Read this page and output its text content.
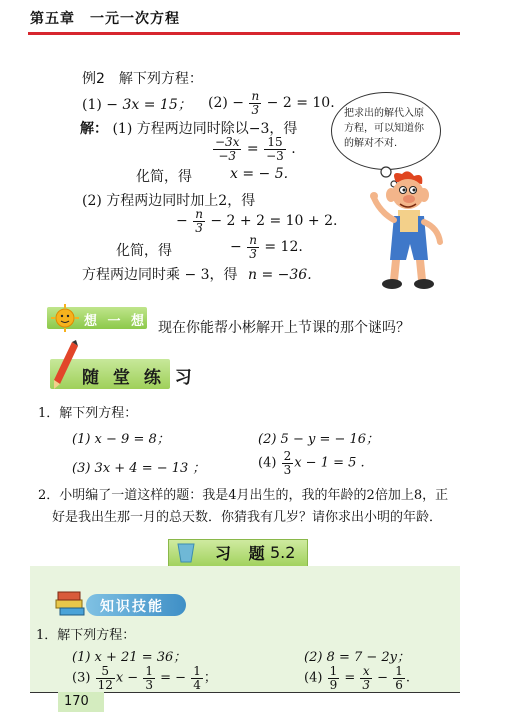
第五章　一元一次方程
例2　解下列方程：
(1) − 3x = 15； $(2) - \frac{n}{3} - 2 = 10$.
解： (1) 方程两边同时除以−3，得
$\frac{-3x}{-3} = \frac{15}{-3}$ .
化简，得	x = − 5.
(2) 方程两边同时加上2，得
− $\frac{n}{3} - 2 + 2 = 10 + 2$.
化简，得	− $\frac{n}{3} = 12$.
方程两边同时乘 − 3，得 n = −36.
把求出的解代入原方程，可以知道你的解对不对.
想 一 想 现在你能帮小彬解开上节课的那个谜吗？
随 堂 练 习
1．解下列方程：
(1) x − 9 = 8；	(2) 5 − y = − 16；
(3) 3x + 4 = − 13 ；	$(4) \frac{2}{3}$ x − 1 = 5 .
2．小明编了一道这样的题：我是4月出生的，我的年龄的2倍加上8，正
好是我出生那一月的总天数．你猜我有几岁？请你求出小明的年龄．
习 题 5.2
知识技能
1．解下列方程：
(1) x + 21 = 36；	(2) 8 = 7 − 2y；
$(3) \frac{5}{12}$ $x - \frac{1}{3}$ = − $\frac{1}{4}$ ；	$(4) \frac{1}{9} = \frac{x}{3} - \frac{1}{6}$ .
170
